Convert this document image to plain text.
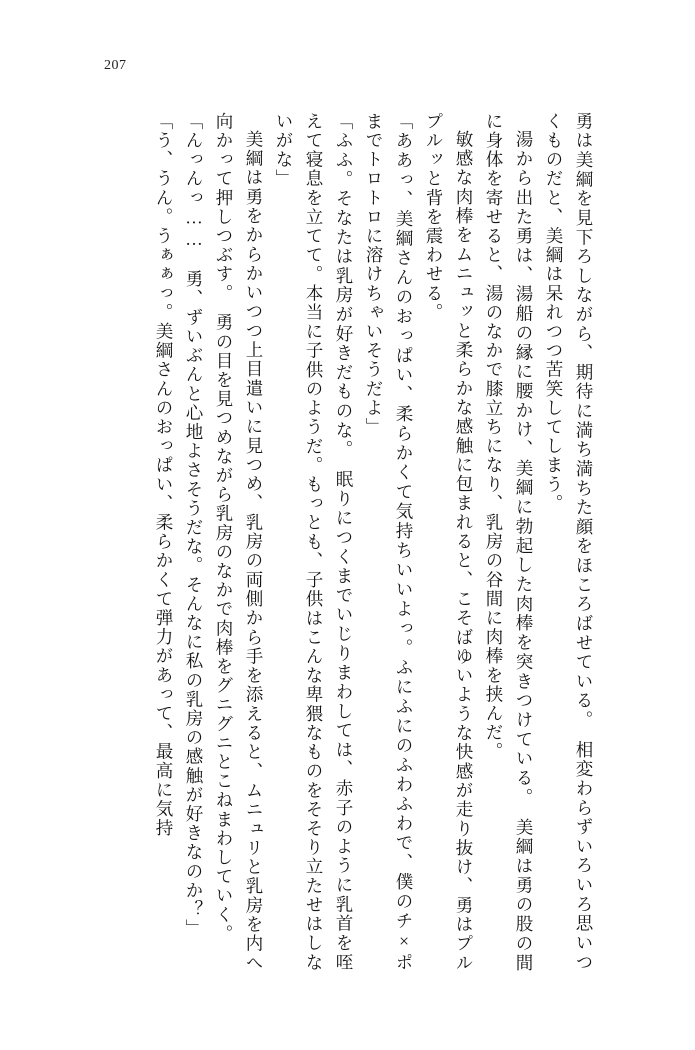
207

勇は美綱を見下ろしながら、期待に満ち満ちた顔をほころばせている。　相変わらずいろいろ思いつくものだと、美綱は呆れつつ苦笑してしまう。

湯から出た勇は、湯船の縁に腰かけ、美綱に勃起した肉棒を突きつけている。　美綱は勇の股の間に身体を寄せると、湯のなかで膝立ちになり、乳房の谷間に肉棒を挟んだ。

敏感な肉棒をムニュッと柔らかな感触に包まれると、こそばゆいような快感が走り抜け、勇はプルプルッと背を震わせる。

「ああっ、美綱さんのおっぱい、柔らかくて気持ちいいよっ。ふにふにのふわふわで、僕のチ×ポまでトロトロに溶けちゃいそうだよ」

「ふふ。そなたは乳房が好きだものな。　眠りにつくまでいじりまわしては、赤子のように乳首を咥えて寝息を立てて。本当に子供のようだ。もっとも、子供はこんな卑猥なものをそそり立たせはしないがな」

美綱は勇をからかいつつ上目遣いに見つめ、乳房の両側から手を添えると、ムニュリと乳房を内へ向かって押しつぶす。　勇の目を見つめながら乳房のなかで肉棒をグニグニとこねまわしていく。

「んっんっ……　勇、ずいぶんと心地よさそうだな。そんなに私の乳房の感触が好きなのか？」

「う、うん。うぁぁっ。美綱さんのおっぱい、柔らかくて弾力があって、最高に気持
